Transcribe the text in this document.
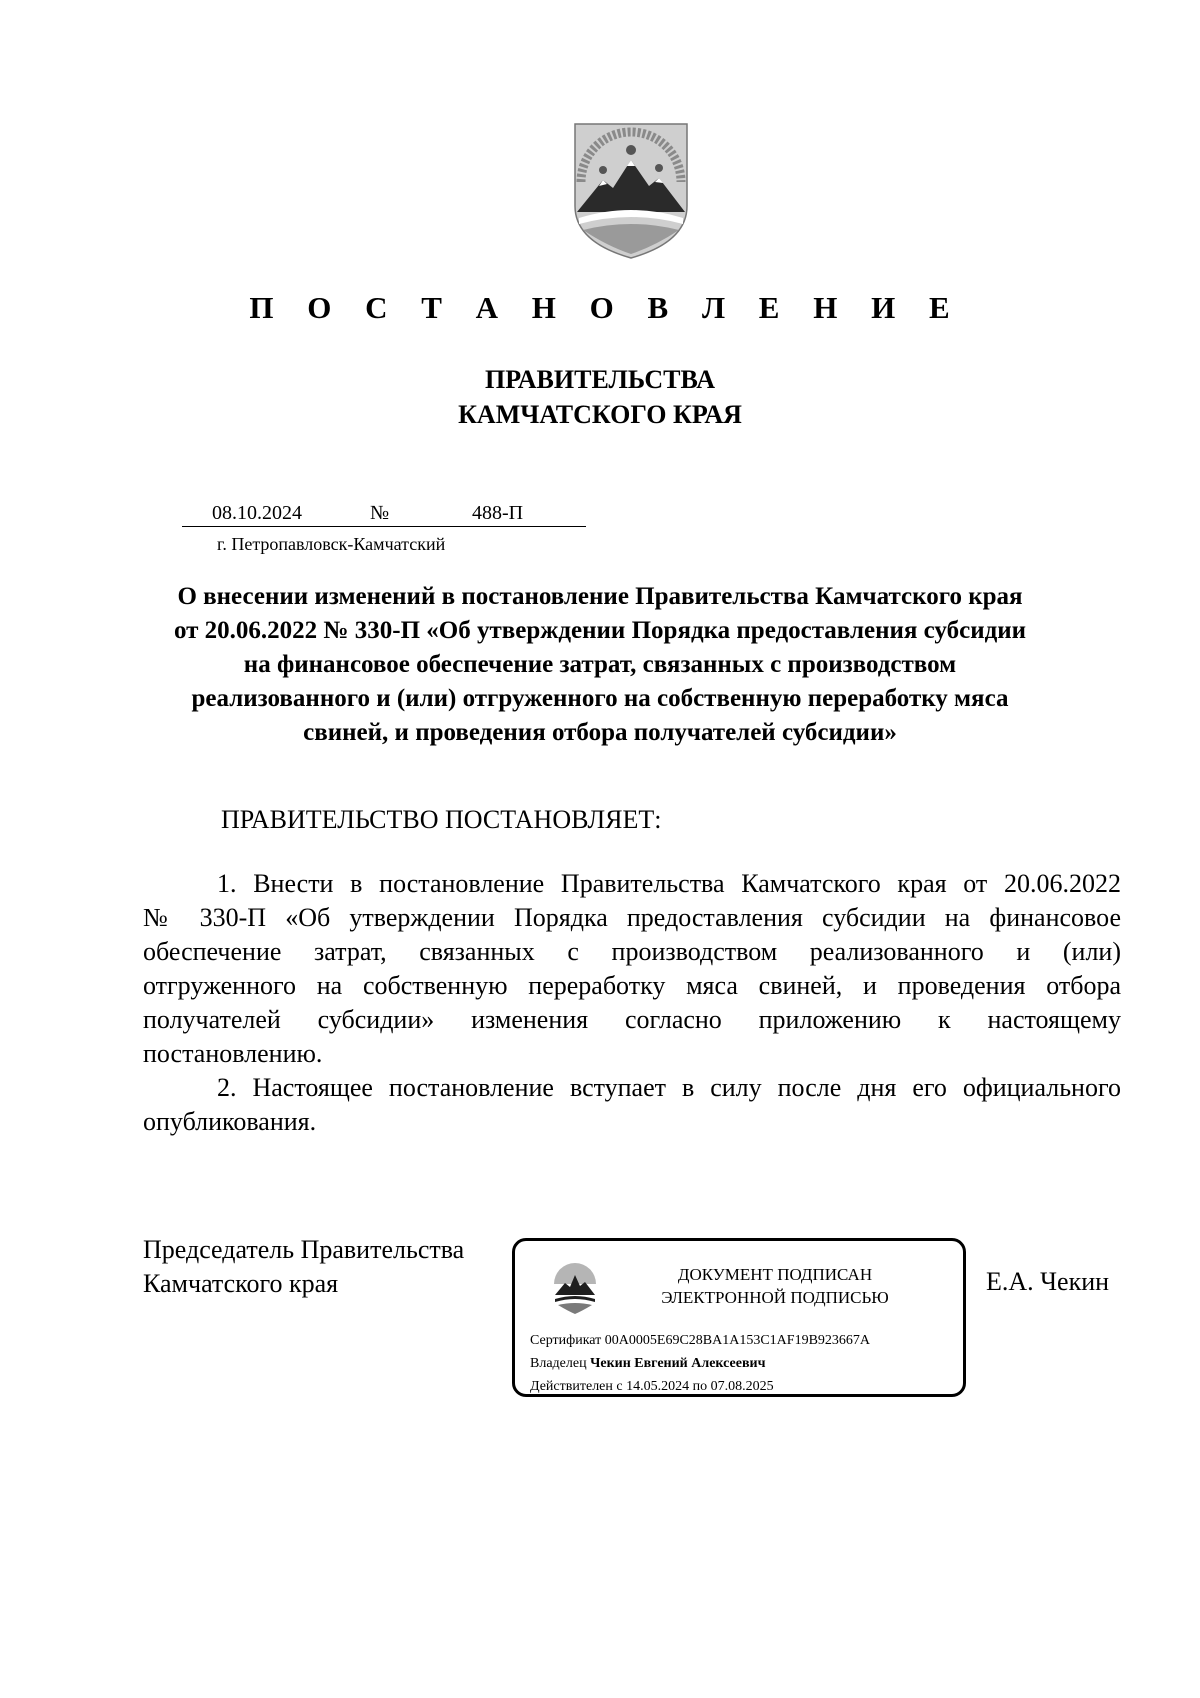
П О С Т А Н О В Л Е Н И Е
ПРАВИТЕЛЬСТВА
КАМЧАТСКОГО КРАЯ
08.10.2024	№	488-П
г. Петропавловск-Камчатский
О внесении изменений в постановление Правительства Камчатского края
от 20.06.2022 № 330-П «Об утверждении Порядка предоставления субсидии
на финансовое обеспечение затрат, связанных с производством
реализованного и (или) отгруженного на собственную переработку мяса
свиней, и проведения отбора получателей субсидии»
ПРАВИТЕЛЬСТВО ПОСТАНОВЛЯЕТ:
1. Внести в постановление Правительства Камчатского края от 20.06.2022
№ 330-П «Об утверждении Порядка предоставления субсидии на финансовое
обеспечение затрат, связанных с производством реализованного и (или)
отгруженного на собственную переработку мяса свиней, и проведения отбора
получателей субсидии» изменения согласно приложению к настоящему
постановлению.
2. Настоящее постановление вступает в силу после дня его официального
опубликования.
Председатель Правительства
Камчатского края	ДОКУМЕНТ ПОДПИСАН
ЭЛЕКТРОННОЙ ПОДПИСЬЮ
Сертификат 00A0005E69C28BA1A153C1AF19B923667A
Владелец Чекин Евгений Алексеевич
Действителен с 14.05.2024 по 07.08.2025
Е.А. Чекин
